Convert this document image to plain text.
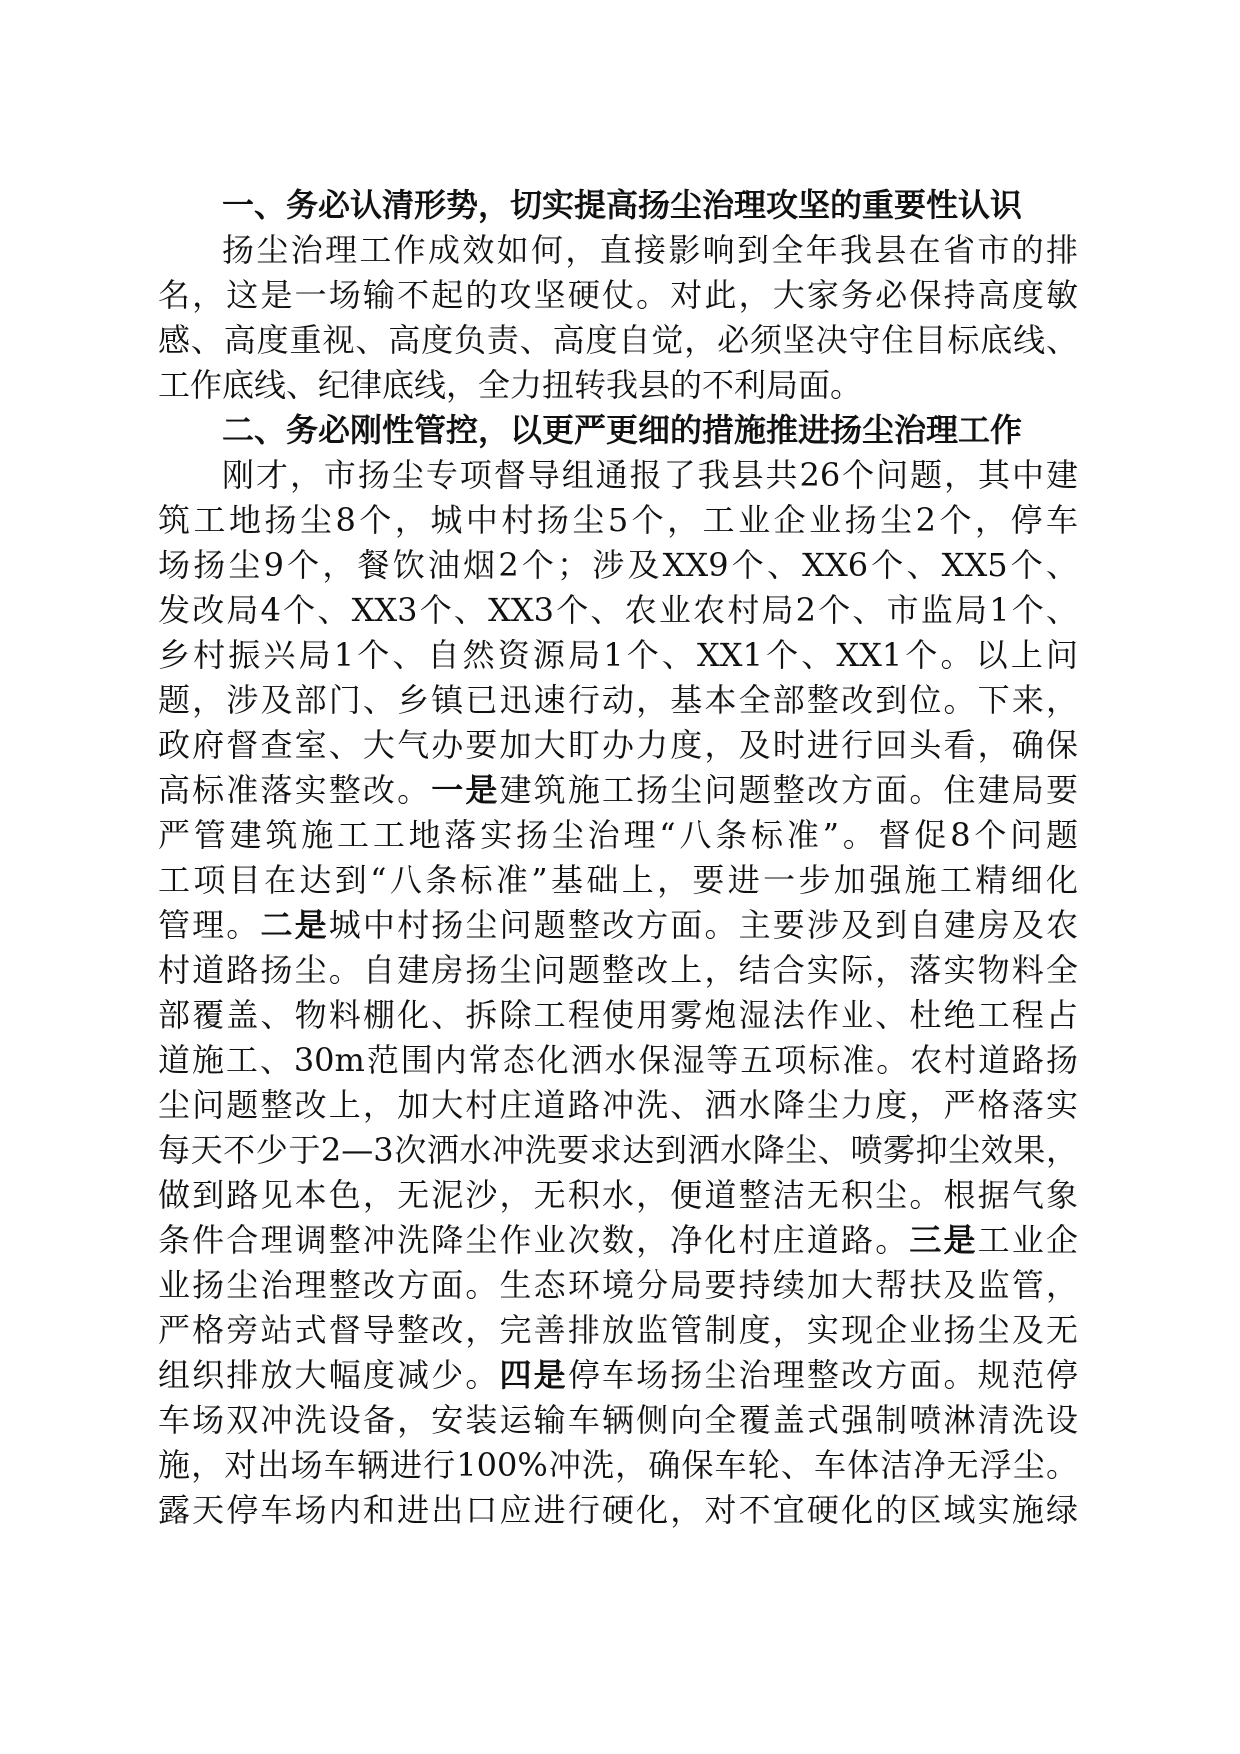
一、务必认清形势，切实提高扬尘治理攻坚的重要性认识
扬尘治理工作成效如何，直接影响到全年我县在省市的排
名，这是一场输不起的攻坚硬仗。对此，大家务必保持高度敏
感、高度重视、高度负责、高度自觉，必须坚决守住目标底线、
工作底线、纪律底线，全力扭转我县的不利局面。
二、务必刚性管控，以更严更细的措施推进扬尘治理工作
刚才，市扬尘专项督导组通报了我县共26个问题，其中建
筑工地扬尘8个，城中村扬尘5个，工业企业扬尘2个，停车
场扬尘9个，餐饮油烟2个；涉及XX9个、XX6个、XX5个、
发改局4个、XX3个、XX3个、农业农村局2个、市监局1个、
乡村振兴局1个、自然资源局1个、XX1个、XX1个。以上问
题，涉及部门、乡镇已迅速行动，基本全部整改到位。下来，
政府督查室、大气办要加大盯办力度，及时进行回头看，确保
高标准落实整改。一是建筑施工扬尘问题整改方面。住建局要
严管建筑施工工地落实扬尘治理“八条标准”。督促8个问题
工项目在达到“八条标准”基础上，要进一步加强施工精细化
管理。二是城中村扬尘问题整改方面。主要涉及到自建房及农
村道路扬尘。自建房扬尘问题整改上，结合实际，落实物料全
部覆盖、物料棚化、拆除工程使用雾炮湿法作业、杜绝工程占
道施工、30m范围内常态化洒水保湿等五项标准。农村道路扬
尘问题整改上，加大村庄道路冲洗、洒水降尘力度，严格落实
每天不少于2—3次洒水冲洗要求达到洒水降尘、喷雾抑尘效果，
做到路见本色，无泥沙，无积水，便道整洁无积尘。根据气象
条件合理调整冲洗降尘作业次数，净化村庄道路。三是工业企
业扬尘治理整改方面。生态环境分局要持续加大帮扶及监管，
严格旁站式督导整改，完善排放监管制度，实现企业扬尘及无
组织排放大幅度减少。四是停车场扬尘治理整改方面。规范停
车场双冲洗设备，安装运输车辆侧向全覆盖式强制喷淋清洗设
施，对出场车辆进行100%冲洗，确保车轮、车体洁净无浮尘。
露天停车场内和进出口应进行硬化，对不宜硬化的区域实施绿
